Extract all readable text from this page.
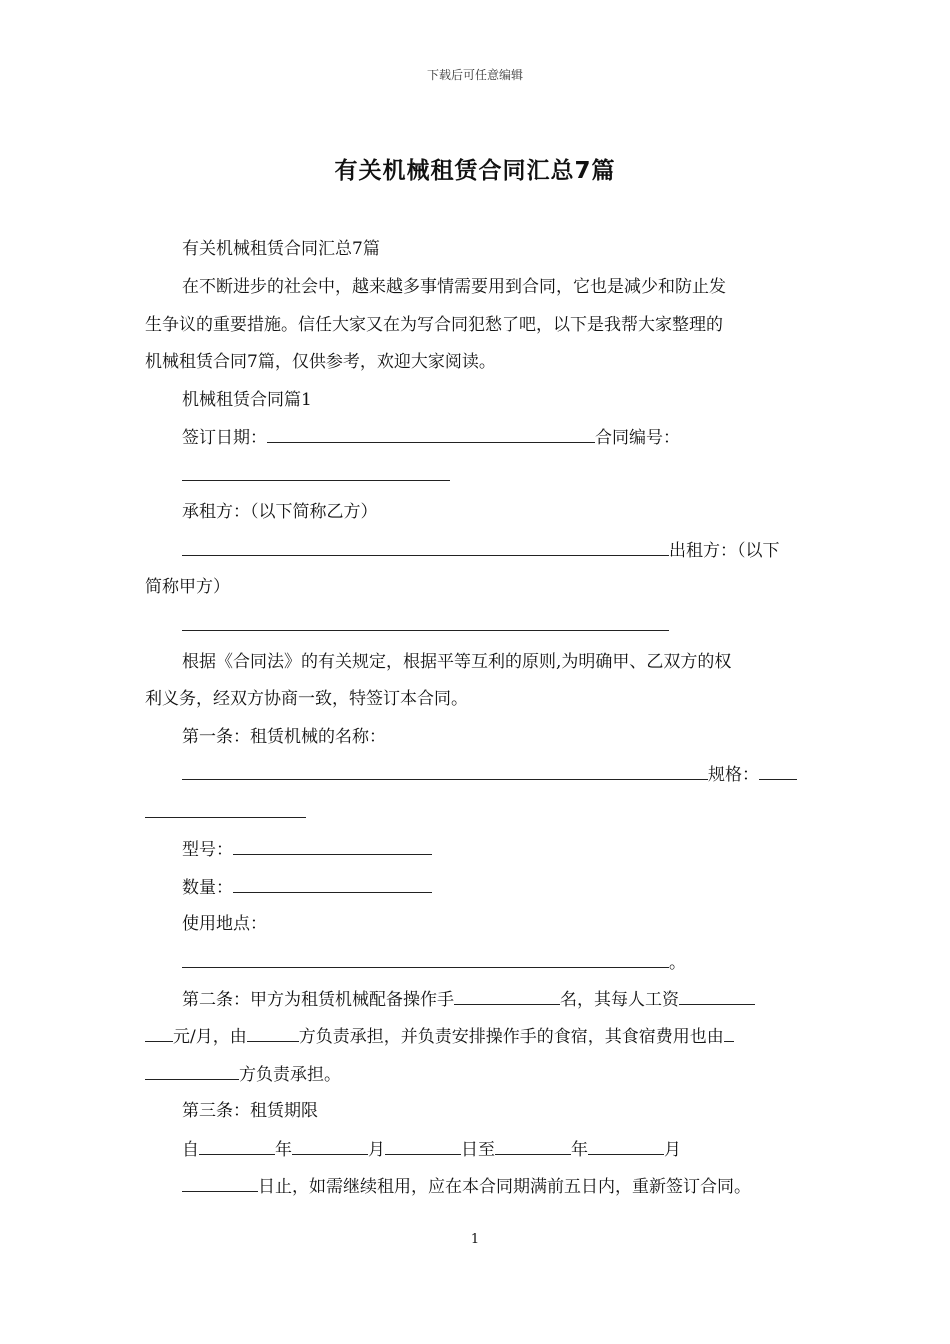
下载后可任意编辑
有关机械租赁合同汇总7篇
有关机械租赁合同汇总7篇
在不断进步的社会中，越来越多事情需要用到合同，它也是减少和防止发
生争议的重要措施。信任大家又在为写合同犯愁了吧，以下是我帮大家整理的
机械租赁合同7篇，仅供参考，欢迎大家阅读。
机械租赁合同篇1
签订日期：	合同编号：
承租方：（以下简称乙方）
出租方：（以下
简称甲方）
根据《合同法》的有关规定，根据平等互利的原则,为明确甲、乙双方的权
利义务，经双方协商一致，特签订本合同。
第一条：租赁机械的名称：
规格：
型号：
数量：
使用地点：
。
第二条：甲方为租赁机械配备操作手	名，其每人工资
元/月，由	方负责承担，并负责安排操作手的食宿，其食宿费用也由
方负责承担。
第三条：租赁期限
自	年	月	日至	年	月
日止，如需继续租用，应在本合同期满前五日内，重新签订合同。
1
